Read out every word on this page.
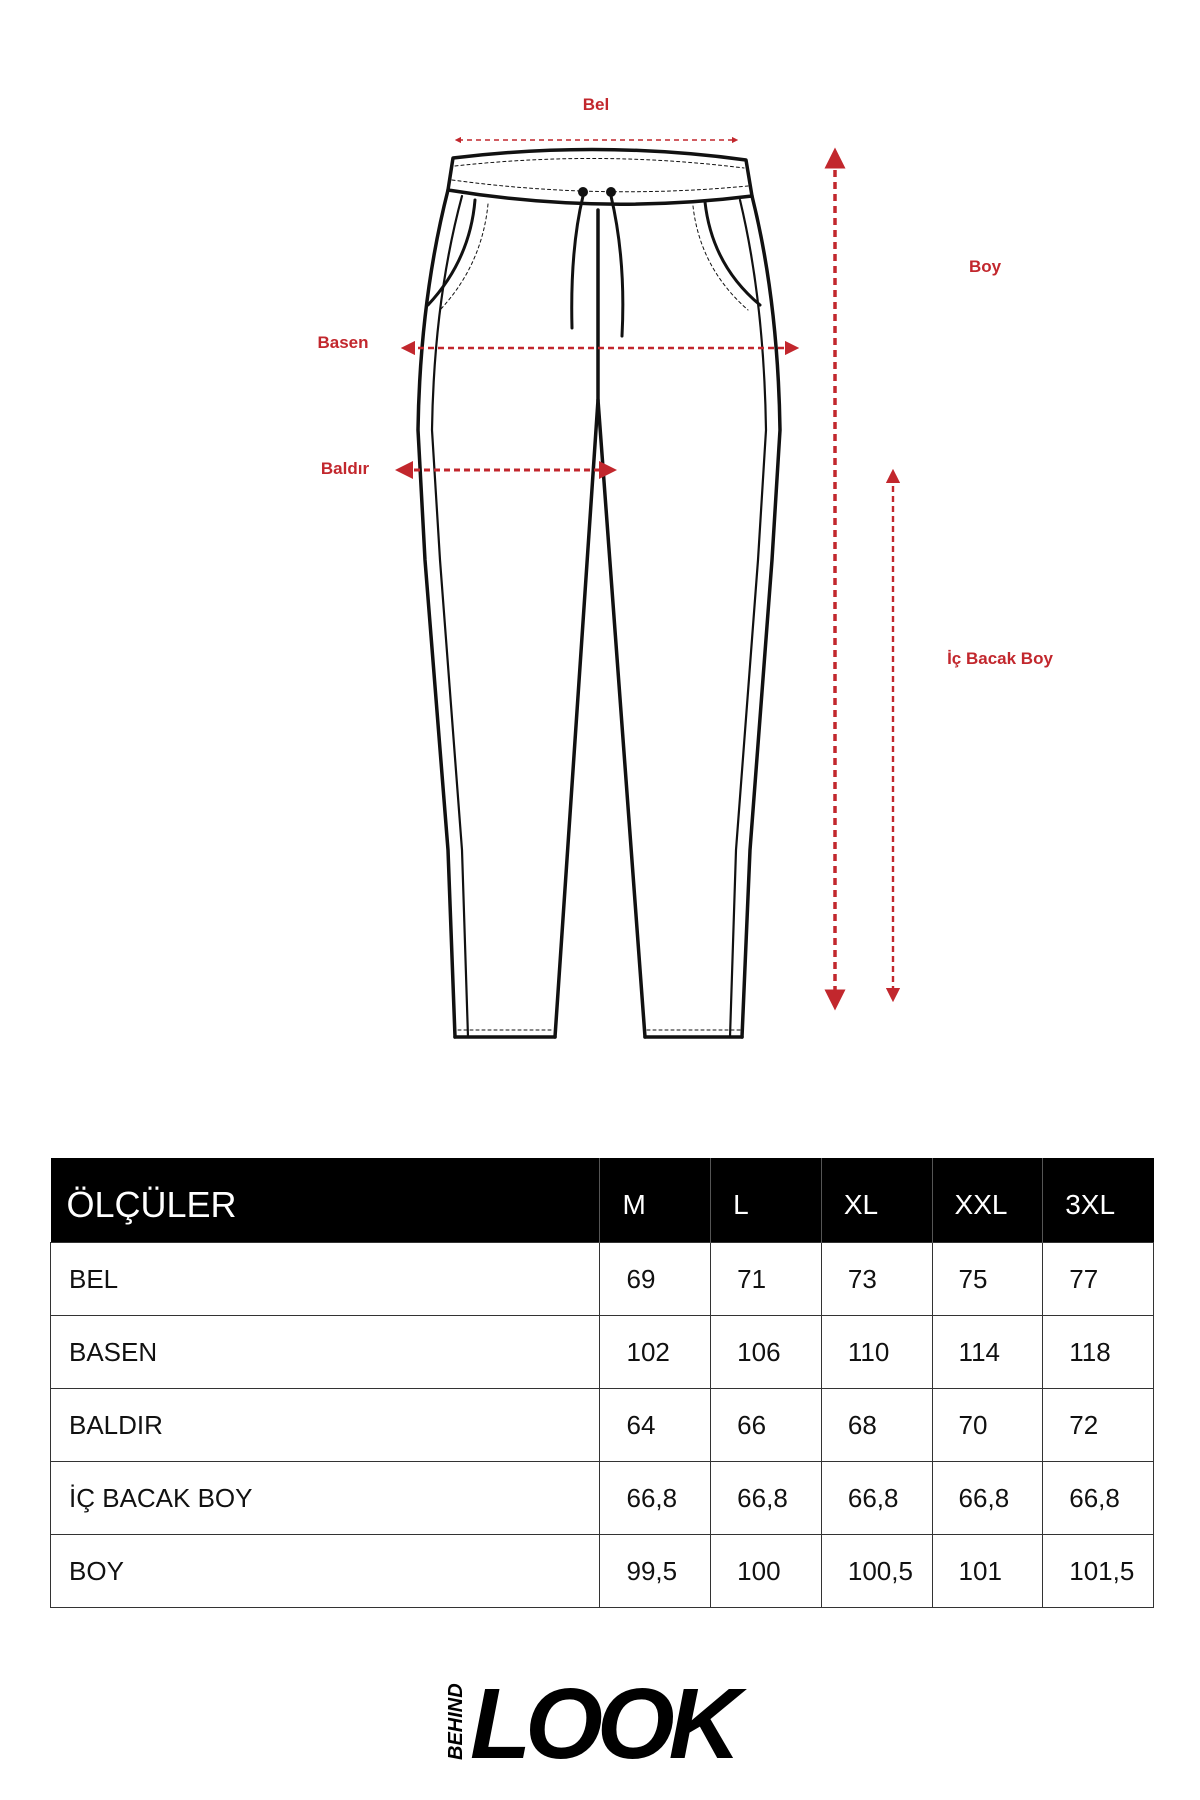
Bel
Boy
Basen
Baldır
İç Bacak Boy
ÖLÇÜLER	M	L	XL	XXL	3XL
BEL	69	71	73	75	77
BASEN	102	106	110	114	118
BALDIR	64	66	68	70	72
İÇ BACAK BOY	66,8	66,8	66,8	66,8	66,8
BOY	99,5	100	100,5	101	101,5
BEHIND LOOK
